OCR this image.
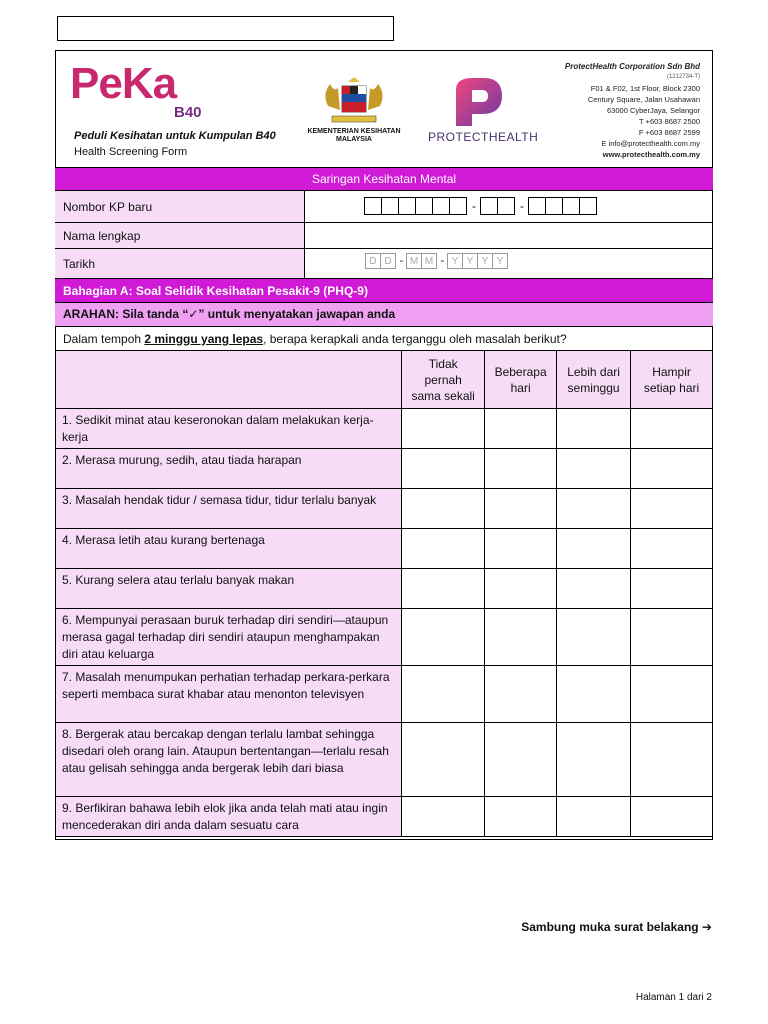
PeKa
B40
Peduli Kesihatan untuk Kumpulan B40
Health Screening Form
KEMENTERIAN KESIHATAN MALAYSIA	PROTECTHEALTH
ProtectHealth Corporation Sdn Bhd
(1212734-T)
F01 & F02, 1st Floor, Block 2300
Century Square, Jalan Usahawan
63000 CyberJaya, Selangor
T +603 8687 2500
F +603 8687 2599
E info@protecthealth.com.my
www.protecthealth.com.my
Saringan Kesihatan Mental
Nombor KP baru	-	-
Nama lengkap
Tarikh	D D - M M - Y Y Y Y
Bahagian A: Soal Selidik Kesihatan Pesakit-9 (PHQ-9)
ARAHAN: Sila tanda “✓” untuk menyatakan jawapan anda
Dalam tempoh 2 minggu yang lepas, berapa kerapkali anda terganggu oleh masalah berikut?
	Tidak pernah sama sekali	Beberapa hari	Lebih dari seminggu	Hampir setiap hari
1. Sedikit minat atau keseronokan dalam melakukan kerja-kerja				
2. Merasa murung, sedih, atau tiada harapan				
3. Masalah hendak tidur / semasa tidur, tidur terlalu banyak				
4. Merasa letih atau kurang bertenaga				
5. Kurang selera atau terlalu banyak makan				
6. Mempunyai perasaan buruk terhadap diri sendiri—ataupun merasa gagal terhadap diri sendiri ataupun menghampakan diri atau keluarga				
7. Masalah menumpukan perhatian terhadap perkara-perkara seperti membaca surat khabar atau menonton televisyen				
8. Bergerak atau bercakap dengan terlalu lambat sehingga disedari oleh orang lain. Ataupun bertentangan—terlalu resah atau gelisah sehingga anda bergerak lebih dari biasa				
9. Berfikiran bahawa lebih elok jika anda telah mati atau ingin mencederakan diri anda dalam sesuatu cara				
Sambung muka surat belakang ➔
Halaman 1 dari 2
